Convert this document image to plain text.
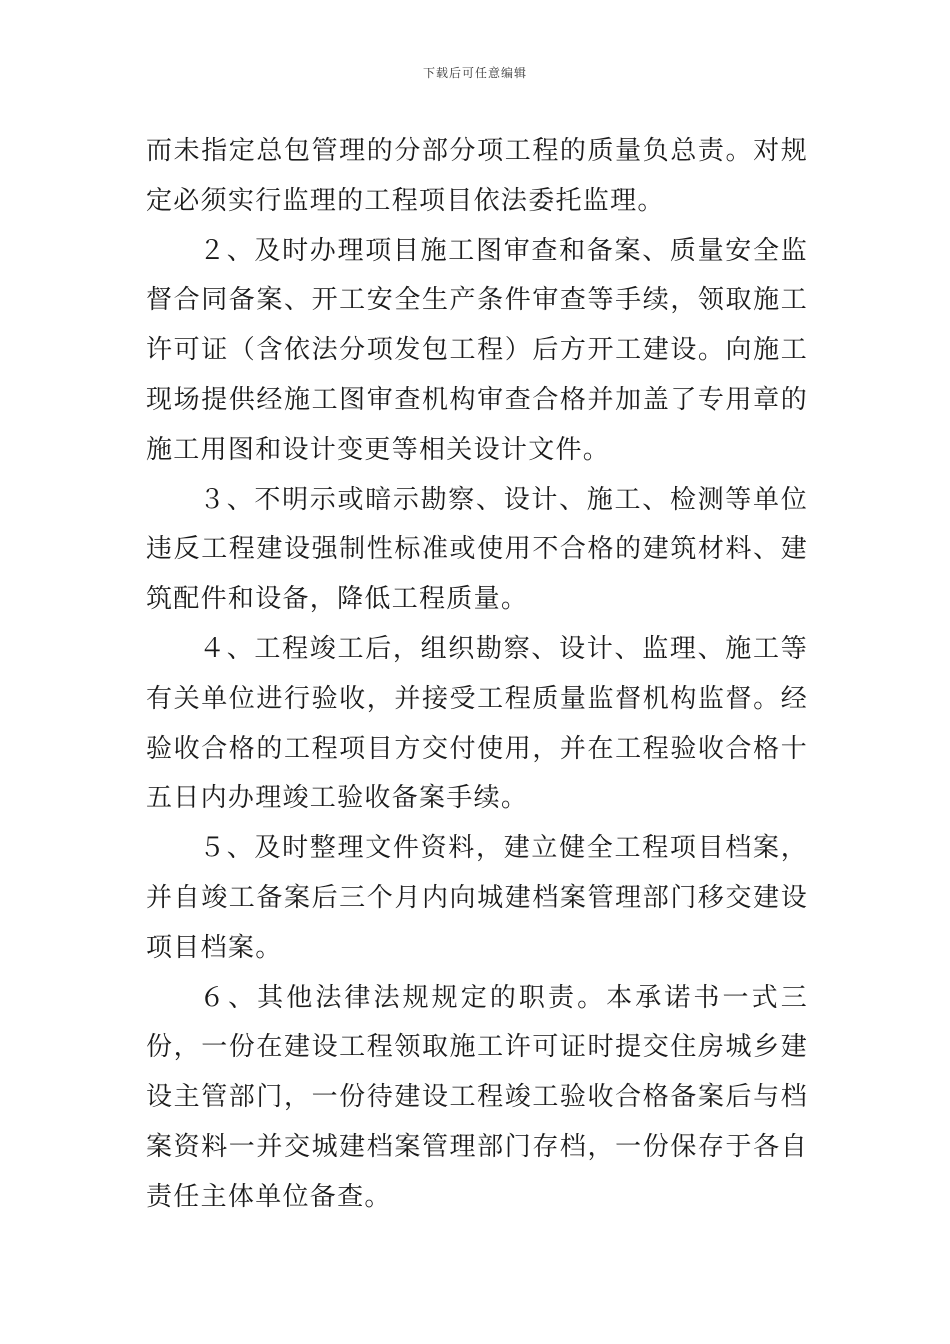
下载后可任意编辑

而未指定总包管理的分部分项工程的质量负总责。对规定必须实行监理的工程项目依法委托监理。

２、及时办理项目施工图审查和备案、质量安全监督合同备案、开工安全生产条件审查等手续，领取施工许可证（含依法分项发包工程）后方开工建设。向施工现场提供经施工图审查机构审查合格并加盖了专用章的施工用图和设计变更等相关设计文件。

３、不明示或暗示勘察、设计、施工、检测等单位违反工程建设强制性标准或使用不合格的建筑材料、建筑配件和设备，降低工程质量。

４、工程竣工后，组织勘察、设计、监理、施工等有关单位进行验收，并接受工程质量监督机构监督。经验收合格的工程项目方交付使用，并在工程验收合格十五日内办理竣工验收备案手续。

５、及时整理文件资料，建立健全工程项目档案，并自竣工备案后三个月内向城建档案管理部门移交建设项目档案。

６、其他法律法规规定的职责。本承诺书一式三份，一份在建设工程领取施工许可证时提交住房城乡建设主管部门，一份待建设工程竣工验收合格备案后与档案资料一并交城建档案管理部门存档，一份保存于各自责任主体单位备查。
